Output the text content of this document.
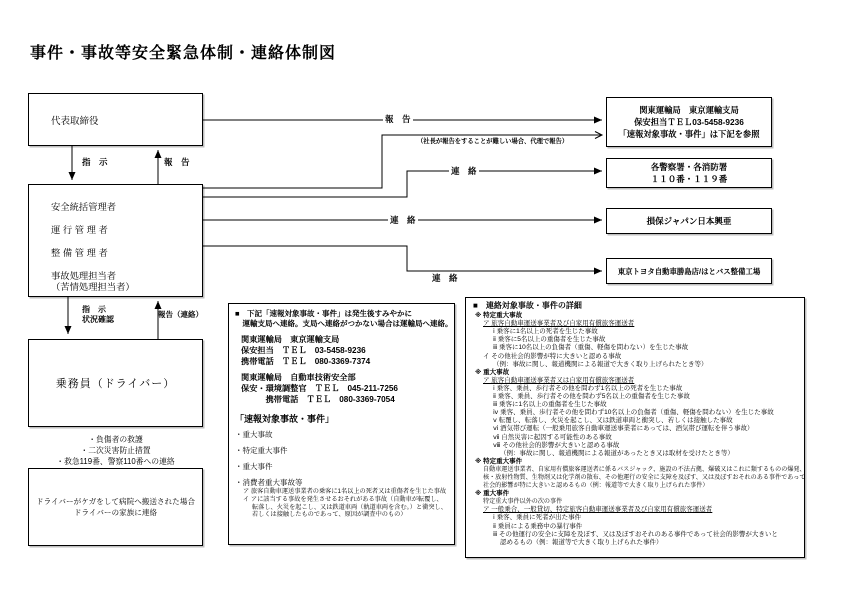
事件・事故等安全緊急体制・連絡体制図
代表取締役
安全統括管理者
運 行 管 理 者
整 備 管 理 者
事故処理担当者
（苦情処理担当者）
乗務員（ドライバー）
・負傷者の救護
・二次災害防止措置
・救急119番、警察110番への連絡
ドライバーがケガをして病院へ搬送された場合
ドライバーの家族に連絡
関東運輸局　東京運輸支局
保安担当ＴＥＬ03-5458-9236
「速報対象事故・事件」は下記を参照
各警察署・各消防署
１１０番・１１９番
損保ジャパン日本興亜
東京トヨタ自動車勝島店/はとバス整備工場
報　告
（社長が報告をすることが難しい場合、代理で報告）
連　絡
連　絡
連　絡
指　示	報　告
指　示
状況確認
報告（連絡）	■　下記「速報対象事故・事件」は発生後すみやかに
　運輸支局へ連絡。支局へ連絡がつかない場合は運輸局へ連絡。
関東運輸局　東京運輸支局
保安担当　ＴＥＬ　03-5458-9236
携帯電話　ＴＥＬ　080-3369-7374
関東運輸局　自動車技術安全部
保安・環境調整官　ＴＥＬ　045-211-7256
　　　携帯電話　ＴＥＬ　080-3369-7054
「速報対象事故・事件」
・重大事故
・特定重大事件
・重大事件
・消費者重大事故等
ア 旅客自動車運送事業者の乗客に1名以上の死者又は重傷者を生じた事故
イ アに該当する事故を発生させるおそれがある事故（自動車が転覆し、
転落し、火災を起こし、又は鉄道車両（軌道車両を含む。）と衝突し、
若しくは接触したものであって、原因が調査中のもの）
■　連絡対象事故・事件の詳細
※ 特定重大事故
ア 旅客自動車運送事業者及び自家用有償旅客運送者
ⅰ 乗客に1名以上の死者を生じた事故
ⅱ 乗客に5名以上の重傷者を生じた事故
ⅲ 乗客に10名以上の負傷者（重傷、軽傷を問わない）を生じた事故
イ その他社会的影響が特に大きいと認める事故
（例：事故に関し、報道機関による報道で大きく取り上げられたとき等）
※ 重大事故
ア 旅客自動車運送事業者又は自家用有償旅客運送者
ⅰ 乗客、乗員、歩行者その他を問わず1名以上の死者を生じた事故
ⅱ 乗客、乗員、歩行者その他を問わず5名以上の重傷者を生じた事故
ⅲ 乗客に1名以上の重傷者を生じた事故
ⅳ 乗客、乗員、歩行者その他を問わず10名以上の負傷者（重傷、軽傷を問わない）を生じた事故
ⅴ 転覆し、転落し、火災を起こし、又は鉄道車両と衝突し、若しくは接触した事故
ⅵ 酒気帯び運転（一般乗用旅客自動車運送事業者にあっては、酒気帯び運転を伴う事故）
ⅶ 自然災害に起因する可能性のある事故
ⅷ その他社会的影響が大きいと認める事故
（例：事故に関し、報道機関による報道があったとき又は取材を受けたとき等）
※ 特定重大事件
自動車運送事業者、自家用有償旅客運送者に係るバスジャック、施設の不法占拠、爆破又はこれに類するものの爆発、
核・放射性物質、生物剤又は化学剤の散布、その他運行の安全に支障を及ぼす、又は及ぼすおそれのある事件であって
社会的影響が特に大きいと認めるもの（例：報道等で大きく取り上げられた事件）
※ 重大事件
特定重大事件以外の次の事件
ア 一般乗合、一般貸切、特定旅客自動車運送事業者及び自家用有償旅客運送者
ⅰ 乗客、乗員に死者が出た事件
ⅱ 乗員による乗務中の暴行事件
ⅲ その他運行の安全に支障を及ぼす、又は及ぼすおそれのある事件であって社会的影響が大きいと
認めるもの（例：報道等で大きく取り上げられた事件）
